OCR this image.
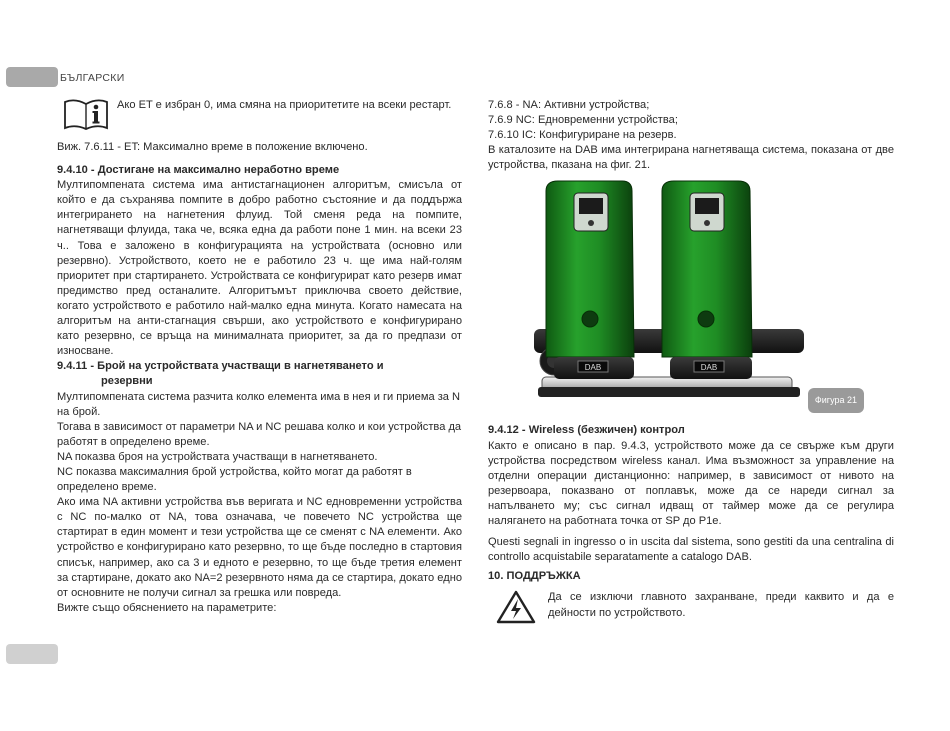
БЪЛГАРСКИ

Ако ET е избран 0, има смяна на приоритетите на всеки рестарт.

Виж. 7.6.11 - ET: Максимално време в положение включено.

9.4.10 - Достигане на максимално неработно време

Мултипомпената система има антистагнационен алгоритъм, смисъла от който е да съхранява помпите в добро работно състояние и да поддържа интегрирането на нагнетения флуид. Той сменя реда на помпите, нагнетяващи флуида, така че, всяка една да работи поне 1 мин. на всеки 23 ч.. Това е заложено в конфигурацията на устройствата (основно или резервно). Устройството, което не е работило 23 ч. ще има най-голям приоритет при стартирането. Устройствата се конфигурират като резерв имат предимство пред останалите. Алгоритъмът приключва своето действие, когато устройството е работило най-малко една минута. Когато намесата на алгоритъм на анти-стагнация свърши, ако устройството е конфигурирано като резервно, се връща на минималната приоритет, за да го предпази от износване.

9.4.11 - Брой на устройствата участващи в нагнетяването и

резервни

Мултипомпената система разчита колко елемента има в нея и ги приема за N на брой.

Тогава в зависимост от параметри NA и NC решава колко и кои устройства да работят в определено време.

NA показва броя на устройствата участващи в нагнетяването.

NC показва максималния брой устройства, който могат да работят в определено време.

Ако има NA активни устройства във веригата и NC едновременни устройства с NC по-малко от NA, това означава, че повечето NC устройства ще стартират в един момент и тези устройства ще се сменят с NA елементи. Ако устройство е конфигурирано като резервно, то ще бъде последно в стартовия списък, например, ако са 3 и едното е резервно, то ще бъде третия елемент за стартиране, докато ако NA=2 резервното няма да се стартира, докато едно от основните не получи сигнал за грешка или повреда.

Вижте също обяснението на параметрите:

7.6.8 - NA: Активни устройства;

7.6.9 NC: Едновременни устройства;

7.6.10 IC: Конфигуриране на резерв.

В каталозите на DAB има интегрирана нагнетяваща система, показана от две устройства, пказана на фиг. 21.

DAB	DAB
Фигура 21

9.4.12 - Wireless (безжичен) контрол

Както е описано в пар. 9.4.3, устройството може да се свърже към други устройства посредством wireless канал. Има възможност за управление на отделни операции дистанционно: например, в зависимост от нивото на резервоара, показвано от поплавък, може да се нареди сигнал за напълването му; със сигнал идващ от таймер може да се регулира налягането на работната точка от SP до P1e.

Questi segnali in ingresso o in uscita dal sistema, sono gestiti da una centralina di controllo acquistabile separatamente a catalogo DAB.

10. ПОДДРЪЖКА

Да се изключи главното захранване, преди каквито и да е дейности по устройството.
